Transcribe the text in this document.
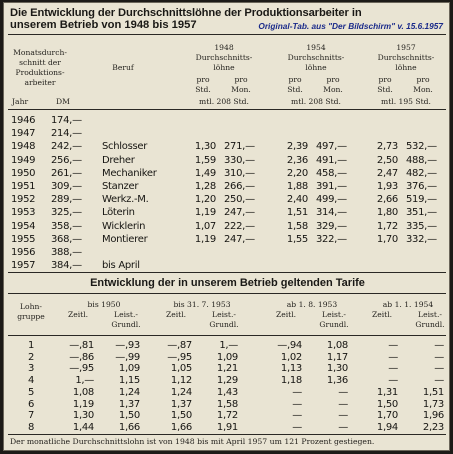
Die Entwicklung der Durchschnittslöhne der Produktionsarbeiter in
unserem Betrieb von 1948 bis 1957	Original-Tab. aus "Der Bildschirm" v. 15.6.1957
Monatsdurch-
schnitt der
Produktions-
arbeiter
Jahr	DM
Beruf
1948
Durchschnitts-
löhne
pro
Std.
pro
Mon.
mtl. 208 Std.
1954
Durchschnitts-
löhne
pro
Std.
pro
Mon.
mtl. 208 Std.
1957
Durchschnitts-
löhne
pro
Std.
pro
Mon.
mtl. 195 Std.
1946 174,—
1947 214,—
1948 242,— Schlosser	1,30 271,—	2,39 497,—	2,73 532,—
1949 256,— Dreher	1,59 330,—	2,36 491,—	2,50 488,—
1950 261,— Mechaniker	1,49 310,—	2,20 458,—	2,47 482,—
1951 309,— Stanzer	1,28 266,—	1,88 391,—	1,93 376,—
1952 289,— Werkz.-M.	1,20 250,—	2,40 499,—	2,66 519,—
1953 325,— Löterin	1,19 247,—	1,51 314,—	1,80 351,—
1954 358,— Wicklerin	1,07 222,—	1,58 329,—	1,72 335,—
1955 368,— Montierer	1,19 247,—	1,55 322,—	1,70 332,—
1956 388,—
1957 384,— bis April
Entwicklung der in unserem Betrieb geltenden Tarife
Lohn-
gruppe
bis 1950
Zeitl.	Leist.-
Grundl.
bis 31. 7. 1953
Zeitl.	Leist.-
Grundl.
ab 1. 8. 1953
Zeitl.	Leist.-
Grundl.
ab 1. 1. 1954
Zeitl.	Leist.-
Grundl.
1	—,81	—,93	—,87	1,—	—,94	1,08	—	—
2	—,86	—,99	—,95	1,09	1,02	1,17	—	—
3	—,95	1,09	1,05	1,21	1,13	1,30	—	—
4	1,—	1,15	1,12	1,29	1,18	1,36	—	—
5	1,08	1,24	1,24	1,43	—	—	1,31	1,51
6	1,19	1,37	1,37	1,58	—	—	1,50	1,73
7	1,30	1,50	1,50	1,72	—	—	1,70	1,96
8	1,44	1,66	1,66	1,91	—	—	1,94	2,23
Der monatliche Durchschnittslohn ist von 1948 bis mit April 1957 um 121 Prozent gestiegen.
